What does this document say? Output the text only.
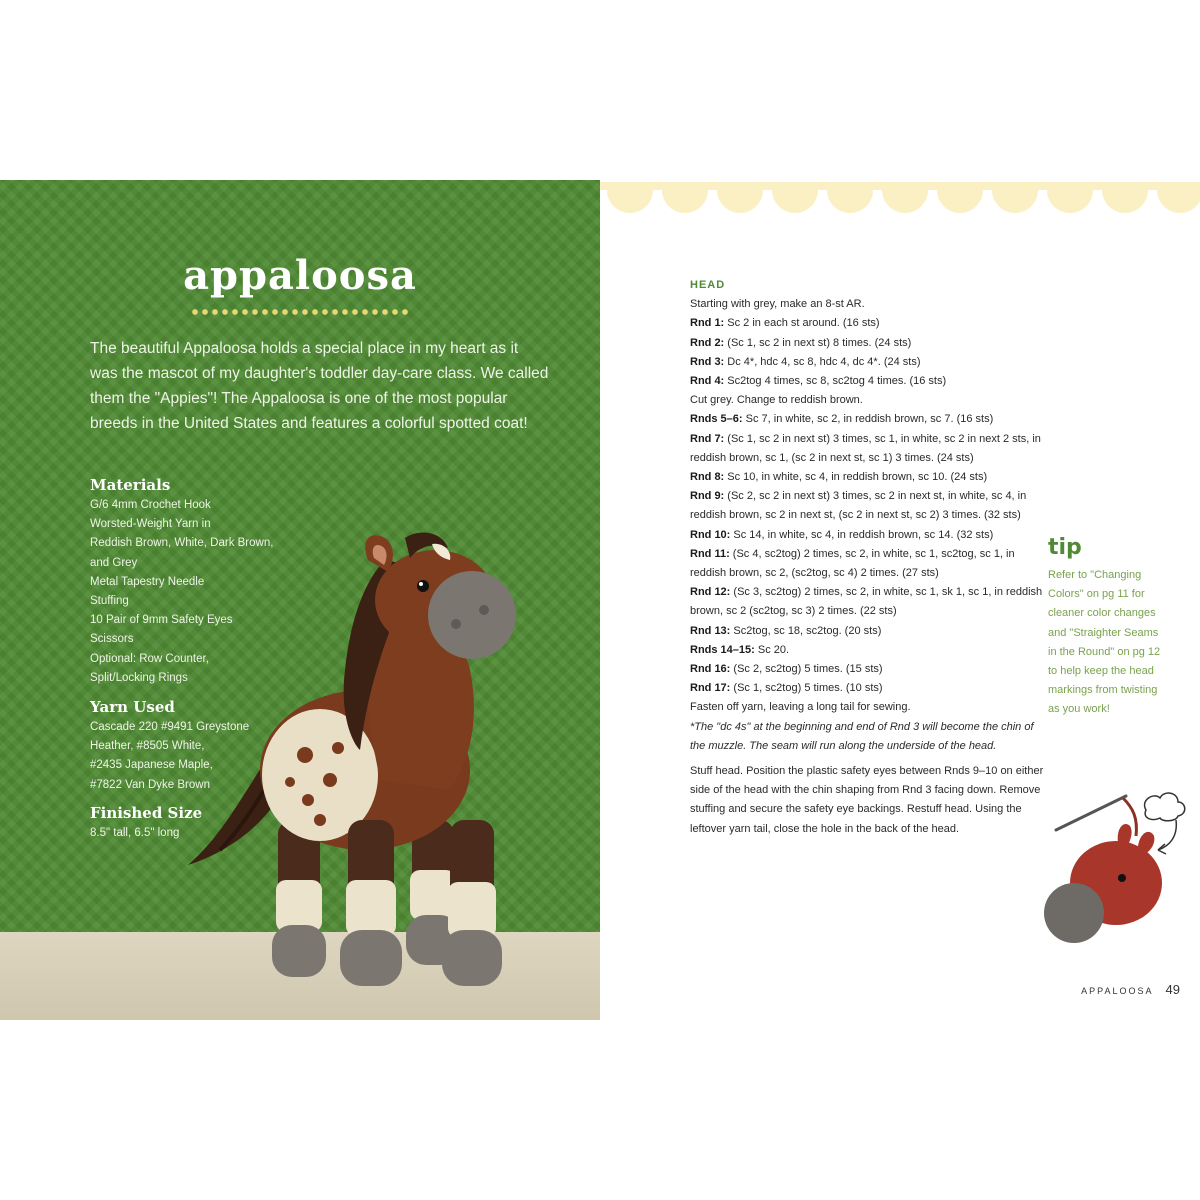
appaloosa

The beautiful Appaloosa holds a special place in my heart as it was the mascot of my daughter's toddler day-care class. We called them the "Appies"! The Appaloosa is one of the most popular breeds in the United States and features a colorful spotted coat!

Materials
G/6 4mm Crochet Hook
Worsted-Weight Yarn in
Reddish Brown, White, Dark Brown,
and Grey
Metal Tapestry Needle
Stuffing
10 Pair of 9mm Safety Eyes
Scissors
Optional: Row Counter,
Split/Locking Rings
Yarn Used
Cascade 220 #9491 Greystone
Heather, #8505 White,
#2435 Japanese Maple,
#7822 Van Dyke Brown
Finished Size
8.5" tall, 6.5" long
HEAD
Starting with grey, make an 8-st AR.
Rnd 1: Sc 2 in each st around. (16 sts)
Rnd 2: (Sc 1, sc 2 in next st) 8 times. (24 sts)
Rnd 3: Dc 4*, hdc 4, sc 8, hdc 4, dc 4*. (24 sts)
Rnd 4: Sc2tog 4 times, sc 8, sc2tog 4 times. (16 sts)
Cut grey. Change to reddish brown.
Rnds 5–6: Sc 7, in white, sc 2, in reddish brown, sc 7. (16 sts)
Rnd 7: (Sc 1, sc 2 in next st) 3 times, sc 1, in white, sc 2 in next 2 sts, in reddish brown, sc 1, (sc 2 in next st, sc 1) 3 times. (24 sts)
Rnd 8: Sc 10, in white, sc 4, in reddish brown, sc 10. (24 sts)
Rnd 9: (Sc 2, sc 2 in next st) 3 times, sc 2 in next st, in white, sc 4, in reddish brown, sc 2 in next st, (sc 2 in next st, sc 2) 3 times. (32 sts)
Rnd 10: Sc 14, in white, sc 4, in reddish brown, sc 14. (32 sts)
Rnd 11: (Sc 4, sc2tog) 2 times, sc 2, in white, sc 1, sc2tog, sc 1, in reddish brown, sc 2, (sc2tog, sc 4) 2 times. (27 sts)
Rnd 12: (Sc 3, sc2tog) 2 times, sc 2, in white, sc 1, sk 1, sc 1, in reddish brown, sc 2 (sc2tog, sc 3) 2 times. (22 sts)
Rnd 13: Sc2tog, sc 18, sc2tog. (20 sts)
Rnds 14–15: Sc 20.
Rnd 16: (Sc 2, sc2tog) 5 times. (15 sts)
Rnd 17: (Sc 1, sc2tog) 5 times. (10 sts)
Fasten off yarn, leaving a long tail for sewing.
*The "dc 4s" at the beginning and end of Rnd 3 will become the chin of the muzzle. The seam will run along the underside of the head.
Stuff head. Position the plastic safety eyes between Rnds 9–10 on either side of the head with the chin shaping from Rnd 3 facing down. Remove stuffing and secure the safety eye backings. Restuff head. Using the leftover yarn tail, close the hole in the back of the head.
tip
Refer to "Changing Colors" on pg 11 for cleaner color changes and "Straighter Seams in the Round" on pg 12 to help keep the head markings from twisting as you work!
APPALOOSA 49
